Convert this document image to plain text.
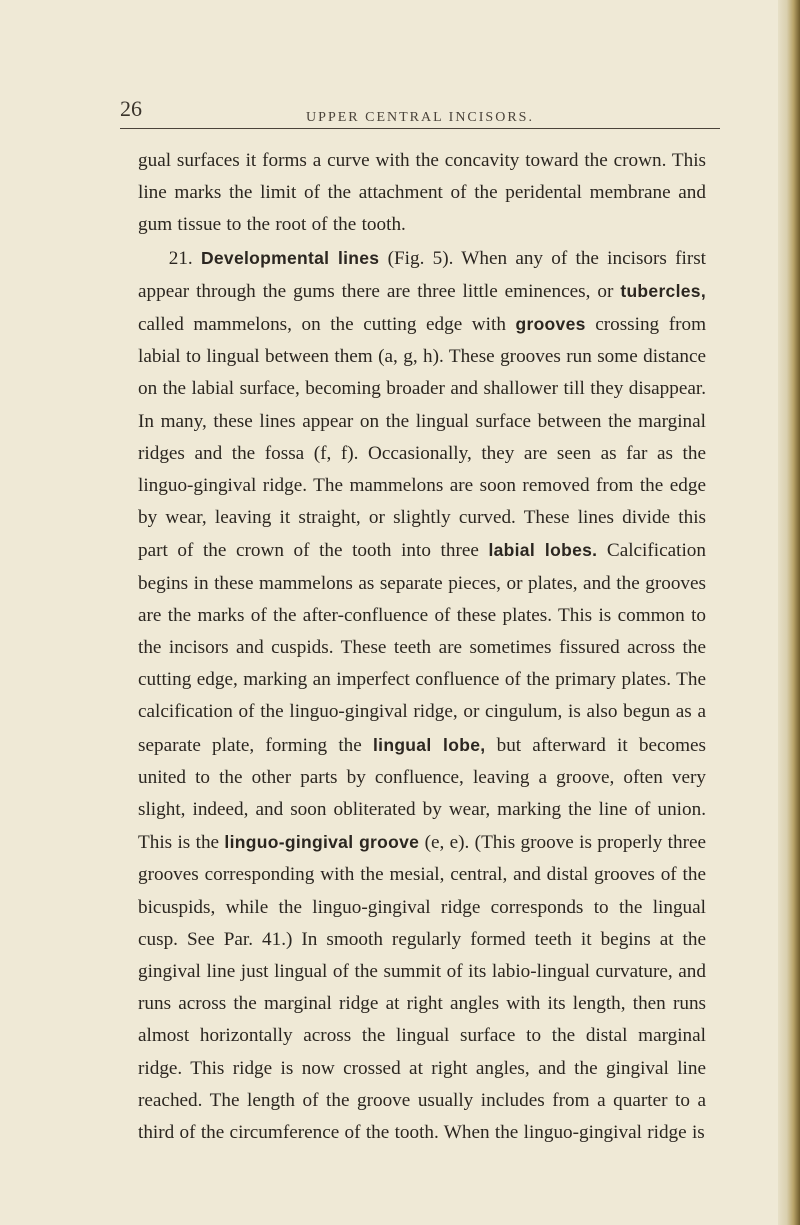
26	UPPER CENTRAL INCISORS.

gual surfaces it forms a curve with the concavity toward the crown. This line marks the limit of the attachment of the peridental membrane and gum tissue to the root of the tooth.

21. Developmental lines (Fig. 5). When any of the incisors first appear through the gums there are three little eminences, or tubercles, called mammelons, on the cutting edge with grooves crossing from labial to lingual between them (a, g, h). These grooves run some distance on the labial surface, becoming broader and shallower till they disappear. In many, these lines appear on the lingual surface between the marginal ridges and the fossa (f, f). Occasionally, they are seen as far as the linguo-gingival ridge. The mammelons are soon removed from the edge by wear, leaving it straight, or slightly curved. These lines divide this part of the crown of the tooth into three labial lobes. Calcification begins in these mammelons as separate pieces, or plates, and the grooves are the marks of the after-confluence of these plates. This is common to the incisors and cuspids. These teeth are sometimes fissured across the cutting edge, marking an imperfect confluence of the primary plates. The calcification of the linguo-gingival ridge, or cingulum, is also begun as a separate plate, forming the lingual lobe, but afterward it becomes united to the other parts by confluence, leaving a groove, often very slight, indeed, and soon obliterated by wear, marking the line of union. This is the linguo-gingival groove (e, e). (This groove is properly three grooves corresponding with the mesial, central, and distal grooves of the bicuspids, while the linguo-gingival ridge corresponds to the lingual cusp. See Par. 41.) In smooth regularly formed teeth it begins at the gingival line just lingual of the summit of its labio-lingual curvature, and runs across the marginal ridge at right angles with its length, then runs almost horizontally across the lingual surface to the distal marginal ridge. This ridge is now crossed at right angles, and the gingival line reached. The length of the groove usually includes from a quarter to a third of the circumference of the tooth. When the linguo-gingival ridge is
